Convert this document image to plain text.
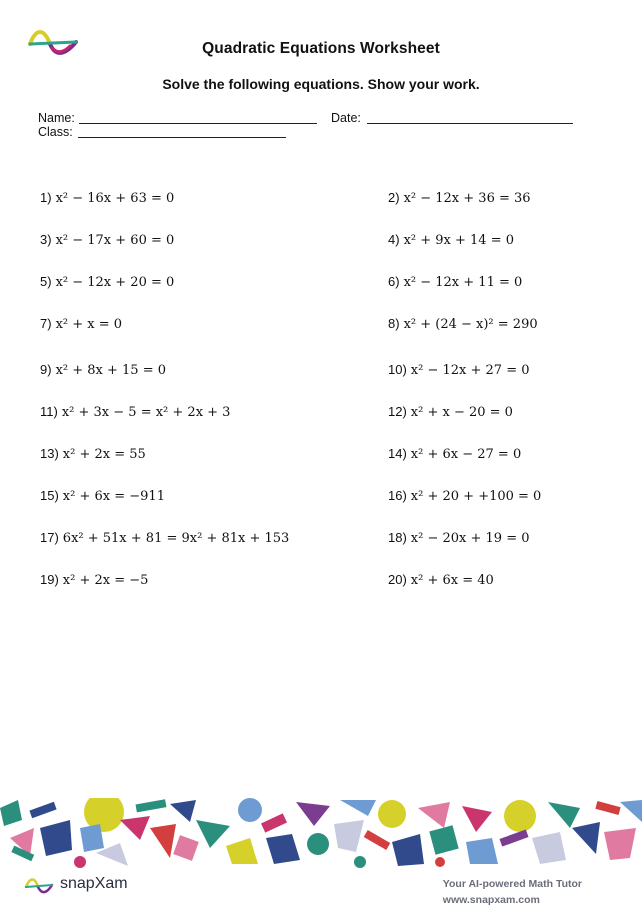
Quadratic Equations Worksheet
Solve the following equations. Show your work.
Name:	Date:
Class:
1) x² − 16x + 63 = 0
3) x² − 17x + 60 = 0
5) x² − 12x + 20 = 0
7) x² + x = 0
9) x² + 8x + 15 = 0
11) x² + 3x − 5 = x² + 2x + 3
13) x² + 2x = 55
15) x² + 6x = −911
17) 6x² + 51x + 81 = 9x² + 81x + 153
19) x² + 2x = −5
2) x² − 12x + 36 = 36
4) x² + 9x + 14 = 0
6) x² − 12x + 11 = 0
8) x² + (24 − x)² = 290
10) x² − 12x + 27 = 0
12) x² + x − 20 = 0
14) x² + 6x − 27 = 0
16) x² + 20 + +100 = 0
18) x² − 20x + 19 = 0
20) x² + 6x = 40
snapXam	Your AI-powered Math Tutor
www.snapxam.com
